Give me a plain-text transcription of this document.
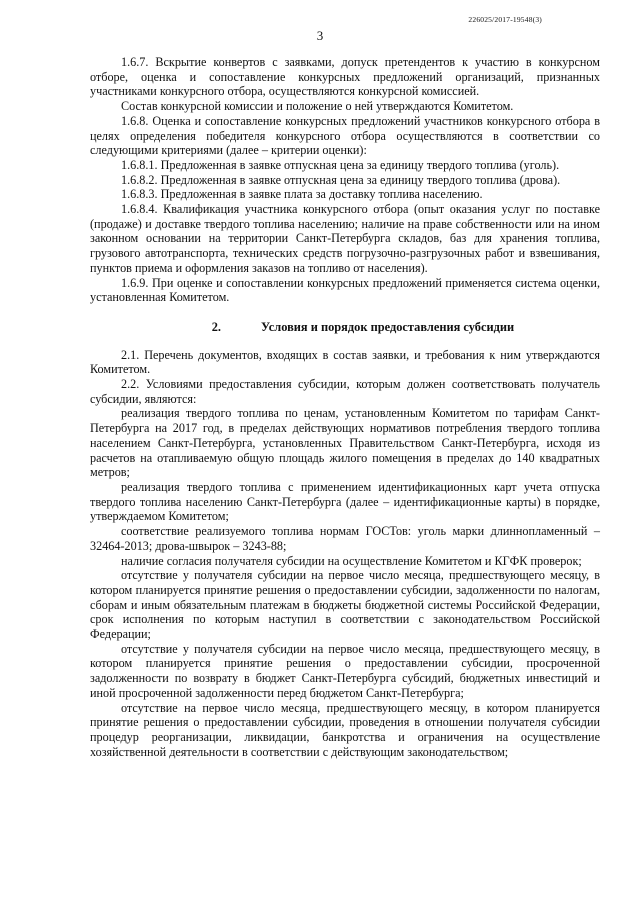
226025/2017-19548(3)
3

1.6.7. Вскрытие конвертов с заявками, допуск претендентов к участию в конкурсном отборе, оценка и сопоставление конкурсных предложений организаций, признанных участниками конкурсного отбора, осуществляются конкурсной комиссией.

Состав конкурсной комиссии и положение о ней утверждаются Комитетом.

1.6.8. Оценка и сопоставление конкурсных предложений участников конкурсного отбора в целях определения победителя конкурсного отбора осуществляются в соответствии со следующими критериями (далее – критерии оценки):

1.6.8.1. Предложенная в заявке отпускная цена за единицу твердого топлива (уголь).

1.6.8.2. Предложенная в заявке отпускная цена за единицу твердого топлива (дрова).

1.6.8.3. Предложенная в заявке плата за доставку топлива населению.

1.6.8.4. Квалификация участника конкурсного отбора (опыт оказания услуг по поставке (продаже) и доставке твердого топлива населению; наличие на праве собственности или на ином законном основании на территории Санкт-Петербурга складов, баз для хранения топлива, грузового автотранспорта, технических средств погрузочно-разгрузочных работ и взвешивания, пунктов приема и оформления заказов на топливо от населения).

1.6.9. При оценке и сопоставлении конкурсных предложений применяется система оценки, установленная Комитетом.

2.	Условия и порядок предоставления субсидии

2.1. Перечень документов, входящих в состав заявки, и требования к ним утверждаются Комитетом.

2.2. Условиями предоставления субсидии, которым должен соответствовать получатель субсидии, являются:

реализация твердого топлива по ценам, установленным Комитетом по тарифам Санкт-Петербурга на 2017 год, в пределах действующих нормативов потребления твердого топлива населением Санкт-Петербурга, установленных Правительством Санкт-Петербурга, исходя из расчетов на отапливаемую общую площадь жилого помещения в пределах до 140 квадратных метров;

реализация твердого топлива с применением идентификационных карт учета отпуска твердого топлива населению Санкт-Петербурга (далее – идентификационные карты) в порядке, утверждаемом Комитетом;

соответствие реализуемого топлива нормам ГОСТов: уголь марки длиннопламенный – 32464-2013; дрова-швырок – 3243-88;

наличие согласия получателя субсидии на осуществление Комитетом и КГФК проверок;

отсутствие у получателя субсидии на первое число месяца, предшествующего месяцу, в котором планируется принятие решения о предоставлении субсидии, задолженности по налогам, сборам и иным обязательным платежам в бюджеты бюджетной системы Российской Федерации, срок исполнения по которым наступил в соответствии с законодательством Российской Федерации;

отсутствие у получателя субсидии на первое число месяца, предшествующего месяцу, в котором планируется принятие решения о предоставлении субсидии, просроченной задолженности по возврату в бюджет Санкт-Петербурга субсидий, бюджетных инвестиций и иной просроченной задолженности перед бюджетом Санкт-Петербурга;

отсутствие на первое число месяца, предшествующего месяцу, в котором планируется принятие решения о предоставлении субсидии, проведения в отношении получателя субсидии процедур реорганизации, ликвидации, банкротства и ограничения на осуществление хозяйственной деятельности в соответствии с действующим законодательством;
